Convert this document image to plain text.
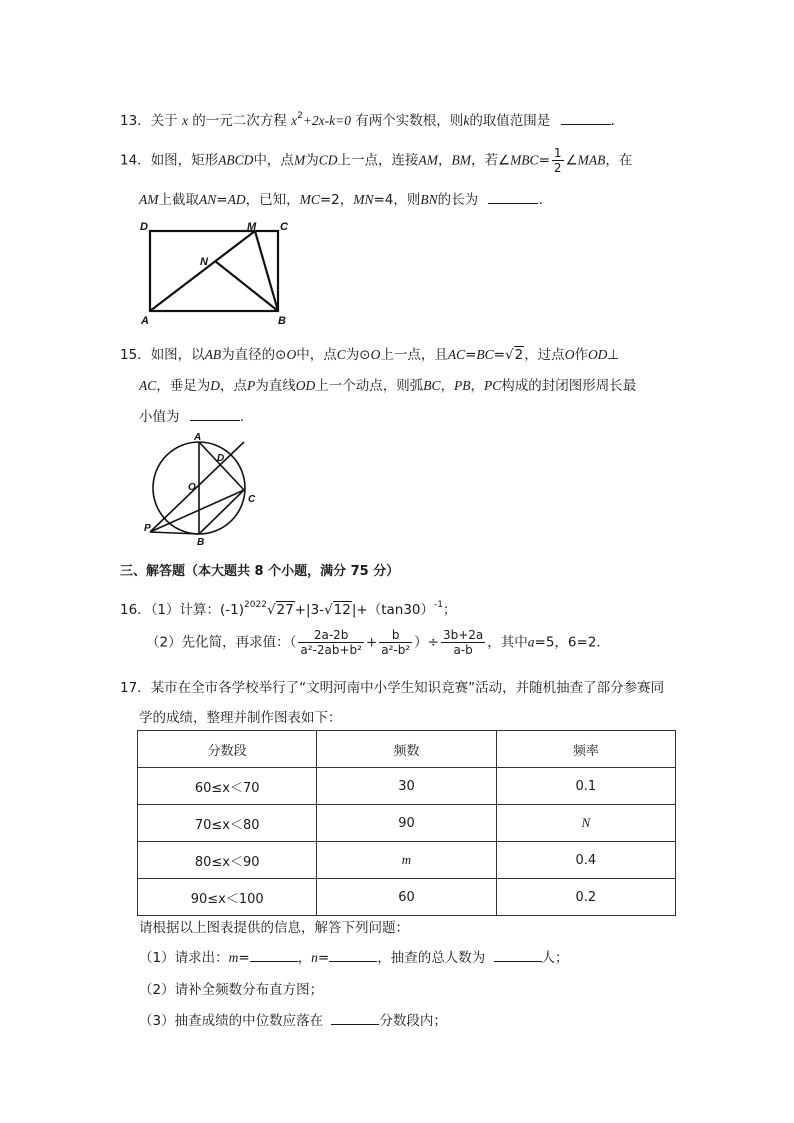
13．关于 x 的一元二次方程 $x^2+2x-k=0$ 有两个实数根，则k的取值范围是	.
14．如图，矩形ABCD中，点M为CD上一点，连接AM，BM，若∠MBC= $\frac{1}{2}$ ∠MAB，在
AM上截取AN=AD，已知，MC=2，MN=4，则BN的长为	.
D	M C
N
A	B
15．如图，以AB为直径的⊙O中，点C为⊙O上一点，且AC=BC=√2，过点O作OD⊥
AC，垂足为D，点P为直线OD上一个动点，则弧BC，PB，PC构成的封闭图形周长最
小值为	.
A
D
O
C
P
B
三、解答题（本大题共 8 个小题，满分 75 分）
16．（1）计算：$(-1)^{2022}√27+|3-√12|+(\tan 30)^{-1}$；
（2）先化简，再求值：（ $\frac{2a-2b}{\text{a²-2ab+b²}} + \frac{b}{\text{a²-b²}}$ ）÷ $\frac{3b+2a}{a-b}$ ，其中a=5，6=2．
17．某市在全市各学校举行了“文明河南中小学生知识竞赛”活动，并随机抽查了部分参赛同
学的成绩，整理并制作图表如下：
分数段	频数	频率
60≤x＜70	30	0.1
70≤x＜80	90	N
80≤x＜90	m	0.4
90≤x＜100	60	0.2
请根据以上图表提供的信息，解答下列问题：
（1）请求出：m=	，n=	，抽查的总人数为	人；
（2）请补全频数分布直方图；
（3）抽查成绩的中位数应落在	分数段内；
